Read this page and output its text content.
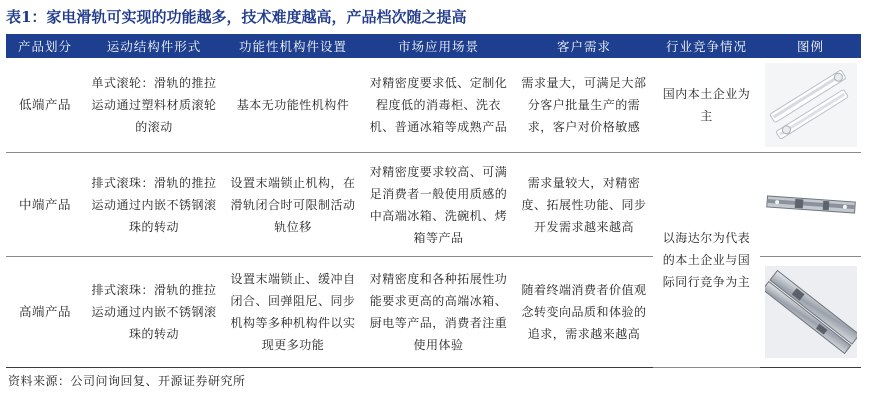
表1：家电滑轨可实现的功能越多，技术难度越高，产品档次随之提高
产品划分	运动结构件形式	功能性机构件设置	市场应用场景	客户需求	行业竞争情况	图例
低端产品	单式滚轮：滑轨的推拉运动通过塑料材质滚轮的滚动	基本无功能性机构件	对精密度要求低、定制化程度低的消毒柜、洗衣机、普通冰箱等成熟产品	需求量大，可满足大部分客户批量生产的需求，客户对价格敏感	国内本土企业为主	

中端产品	排式滚珠：滑轨的推拉运动通过内嵌不锈钢滚珠的转动	设置末端锁止机构，在滑轨闭合时可限制活动轨位移	对精密度要求较高、可满足消费者一般使用质感的中高端冰箱、洗碗机、烤箱等产品	需求量较大，对精密度、拓展性功能、同步开发需求越来越高	以海达尔为代表的本土企业与国际同行竞争为主	

高端产品	排式滚珠：滑轨的推拉运动通过内嵌不锈钢滚珠的转动	设置末端锁止、缓冲自闭合、回弹阻尼、同步机构等多种机构件以实现更多功能	对精密度和各种拓展性功能要求更高的高端冰箱、厨电等产品，消费者注重使用体验	随着终端消费者价值观念转变向品质和体验的追求，需求越来越高	
资料来源：公司问询回复、开源证券研究所
